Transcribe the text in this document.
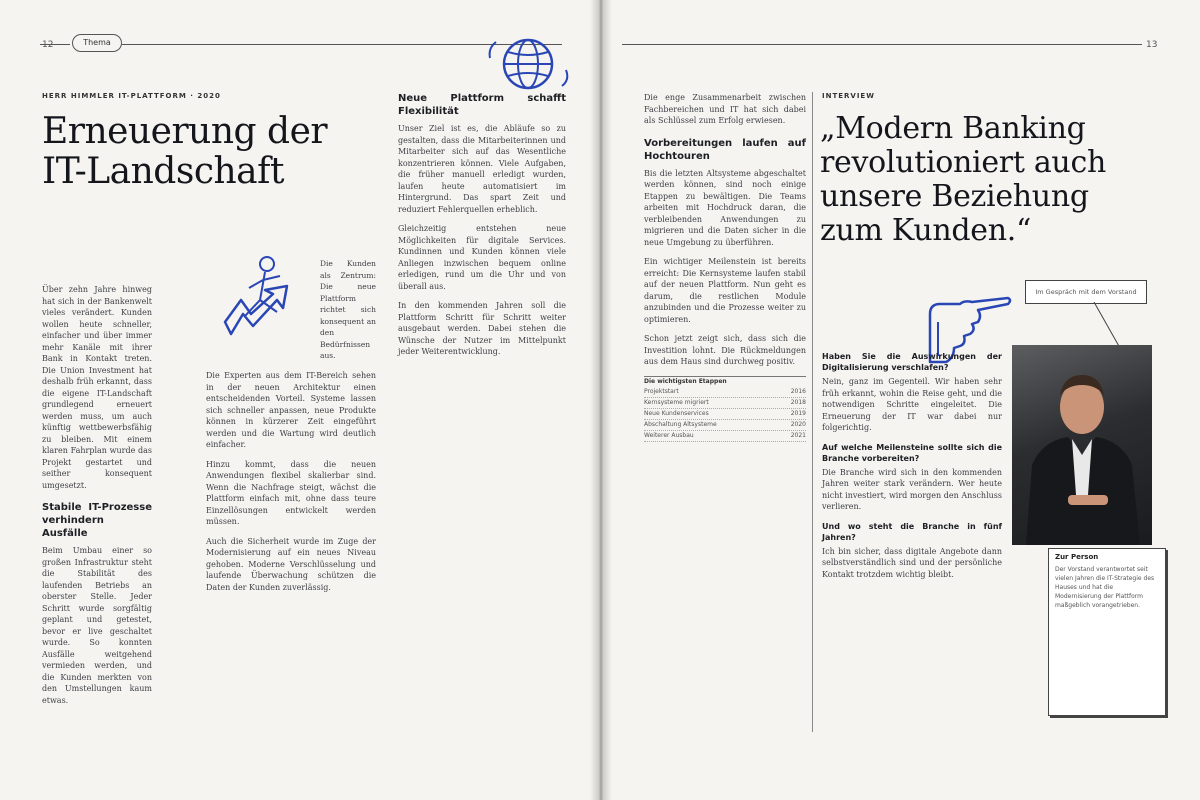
12	Thema
HERR HIMMLER IT-PLATTFORM · 2020
Erneuerung der IT-Landschaft

Über zehn Jahre hinweg hat sich in der Bankenwelt vieles verändert. Kunden wollen heute schneller, einfacher und über immer mehr Kanäle mit ihrer Bank in Kontakt treten. Die Union Investment hat deshalb früh erkannt, dass die eigene IT-Landschaft grundlegend erneuert werden muss, um auch künftig wettbewerbsfähig zu bleiben. Mit einem klaren Fahrplan wurde das Projekt gestartet und seither konsequent umgesetzt.

Stabile IT-Prozesse verhindern Ausfälle

Beim Umbau einer so großen Infrastruktur steht die Stabilität des laufenden Betriebs an oberster Stelle. Jeder Schritt wurde sorgfältig geplant und getestet, bevor er live geschaltet wurde. So konnten Ausfälle weitgehend vermieden werden, und die Kunden merkten von den Umstellungen kaum etwas.

Die Kunden als Zentrum: Die neue Plattform richtet sich konsequent an den Bedürfnissen aus.

Die Experten aus dem IT-Bereich sehen in der neuen Architektur einen entscheidenden Vorteil. Systeme lassen sich schneller anpassen, neue Produkte können in kürzerer Zeit eingeführt werden und die Wartung wird deutlich einfacher.

Hinzu kommt, dass die neuen Anwendungen flexibel skalierbar sind. Wenn die Nachfrage steigt, wächst die Plattform einfach mit, ohne dass teure Einzellösungen entwickelt werden müssen.

Auch die Sicherheit wurde im Zuge der Modernisierung auf ein neues Niveau gehoben. Moderne Verschlüsselung und laufende Überwachung schützen die Daten der Kunden zuverlässig.

Neue Plattform schafft Flexibilität

Unser Ziel ist es, die Abläufe so zu gestalten, dass die Mitarbeiterinnen und Mitarbeiter sich auf das Wesentliche konzentrieren können. Viele Aufgaben, die früher manuell erledigt wurden, laufen heute automatisiert im Hintergrund. Das spart Zeit und reduziert Fehlerquellen erheblich.

Gleichzeitig entstehen neue Möglichkeiten für digitale Services. Kundinnen und Kunden können viele Anliegen inzwischen bequem online erledigen, rund um die Uhr und von überall aus.

In den kommenden Jahren soll die Plattform Schritt für Schritt weiter ausgebaut werden. Dabei stehen die Wünsche der Nutzer im Mittelpunkt jeder Weiterentwicklung.

13

Die enge Zusammenarbeit zwischen Fachbereichen und IT hat sich dabei als Schlüssel zum Erfolg erwiesen.

Vorbereitungen laufen auf Hochtouren

Bis die letzten Altsysteme abgeschaltet werden können, sind noch einige Etappen zu bewältigen. Die Teams arbeiten mit Hochdruck daran, die verbleibenden Anwendungen zu migrieren und die Daten sicher in die neue Umgebung zu überführen.

Ein wichtiger Meilenstein ist bereits erreicht: Die Kernsysteme laufen stabil auf der neuen Plattform. Nun geht es darum, die restlichen Module anzubinden und die Prozesse weiter zu optimieren.

Schon jetzt zeigt sich, dass sich die Investition lohnt. Die Rückmeldungen aus dem Haus sind durchweg positiv.

Die wichtigsten Etappen
Projektstart	2016
Kernsysteme migriert	2018
Neue Kundenservices	2019
Abschaltung Altsysteme	2020
Weiterer Ausbau	2021
INTERVIEW
„Modern Banking revolutioniert auch unsere Beziehung zum Kunden.“
Im Gespräch mit dem Vorstand
Haben Sie die Auswirkungen der Digitalisierung verschlafen?

Nein, ganz im Gegenteil. Wir haben sehr früh erkannt, wohin die Reise geht, und die notwendigen Schritte eingeleitet. Die Erneuerung der IT war dabei nur folgerichtig.

Auf welche Meilensteine sollte sich die Branche vorbereiten?

Die Branche wird sich in den kommenden Jahren weiter stark verändern. Wer heute nicht investiert, wird morgen den Anschluss verlieren.

Und wo steht die Branche in fünf Jahren?

Ich bin sicher, dass digitale Angebote dann selbstverständlich sind und der persönliche Kontakt trotzdem wichtig bleibt.

Zur Person
Der Vorstand verantwortet seit vielen Jahren die IT-Strategie des Hauses und hat die Modernisierung der Plattform maßgeblich vorangetrieben.
